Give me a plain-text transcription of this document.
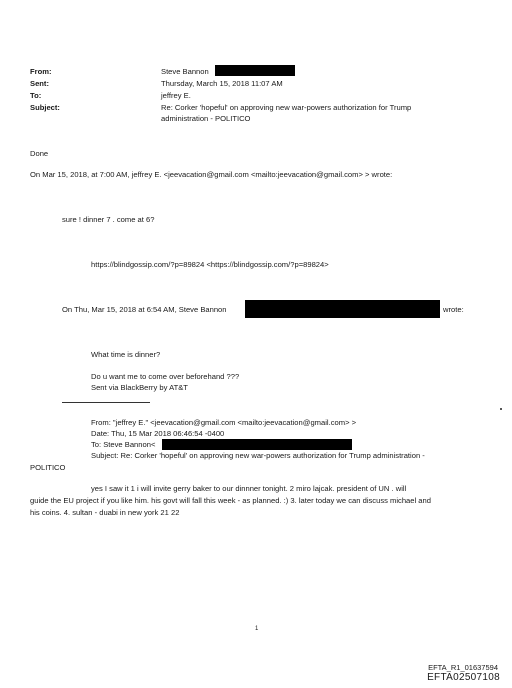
From:
Sent:
To:
Subject:
Steve Bannon
Thursday, March 15, 2018 11:07 AM
jeffrey E.
Re: Corker 'hopeful' on approving new war-powers authorization for Trump
administration - POLITICO
Done
On Mar 15, 2018, at 7:00 AM, jeffrey E. <jeevacation@gmail.com <mailto:jeevacation@gmail.com> > wrote:
sure ! dinner 7 . come at 6?
https://blindgossip.com/?p=89824 <https://blindgossip.com/?p=89824>
On Thu, Mar 15, 2018 at 6:54 AM, Steve Bannon	wrote:
What time is dinner?
Do u want me to come over beforehand ???
Sent via BlackBerry by AT&T
From: "jeffrey E." <jeevacation@gmail.com <mailto:jeevacation@gmail.com> >
Date: Thu, 15 Mar 2018 06:46:54 -0400
To: Steve Bannon<
Subject: Re: Corker 'hopeful' on approving new war-powers authorization for Trump administration -
POLITICO
yes I saw it 1 i will invite gerry baker to our dinnner tonight. 2 miro lajcak. president of UN . will
guide the EU project if you like him. his govt will fall this week - as planned. :) 3. later today we can discuss michael and
his coins. 4. sultan - duabi in new york 21 22
1
EFTA_R1_01637594
EFTA02507108
